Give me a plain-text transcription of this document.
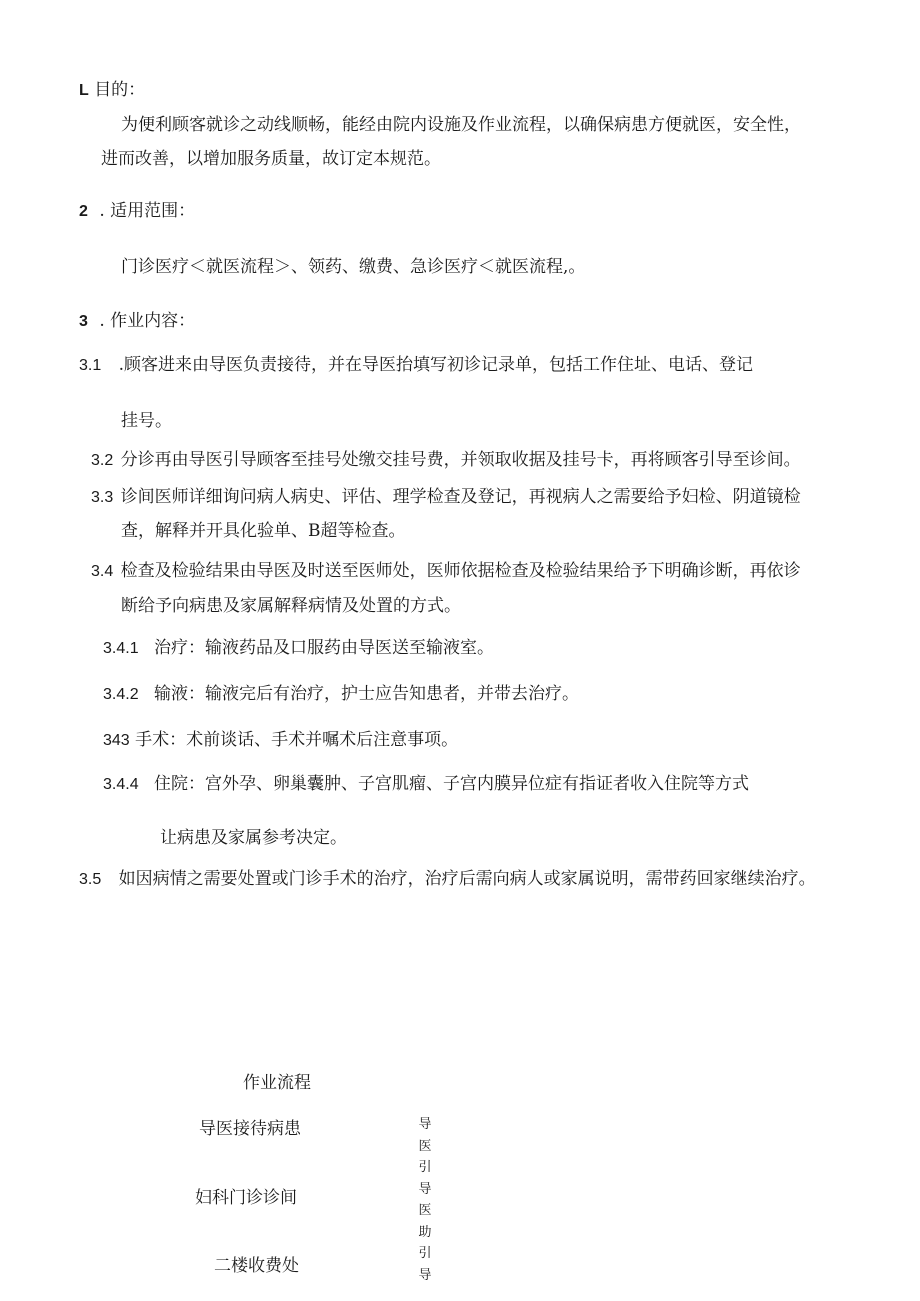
L 目的：
为便利顾客就诊之动线顺畅，能经由院内设施及作业流程，以确保病患方便就医，安全性，
进而改善，以增加服务质量，故订定本规范。
2 . 适用范围：
门诊医疗＜就医流程＞、领药、缴费、急诊医疗＜就医流程,。
3 . 作业内容：
3.1 .顾客进来由导医负责接待，并在导医抬填写初诊记录单，包括工作住址、电话、登记
挂号。
3.2 分诊再由导医引导顾客至挂号处缴交挂号费，并领取收据及挂号卡，再将顾客引导至诊间。
3.3 诊间医师详细询问病人病史、评估、理学检查及登记，再视病人之需要给予妇检、阴道镜检
查，解释并开具化验单、B超等检查。
3.4 检查及检验结果由导医及时送至医师处，医师依据检查及检验结果给予下明确诊断，再依诊
断给予向病患及家属解释病情及处置的方式。
3.4.1 治疗：输液药品及口服药由导医送至输液室。
3.4.2 输液：输液完后有治疗，护士应告知患者，并带去治疗。
343 手术：术前谈话、手术并嘱术后注意事项。
3.4.4 住院：宫外孕、卵巢囊肿、子宫肌瘤、子宫内膜异位症有指证者收入住院等方式
让病患及家属参考决定。
3.5 如因病情之需要处置或门诊手术的治疗，治疗后需向病人或家属说明，需带药回家继续治疗。
作业流程
导医接待病患
妇科门诊诊间
二楼收费处
导医引导医助引导
